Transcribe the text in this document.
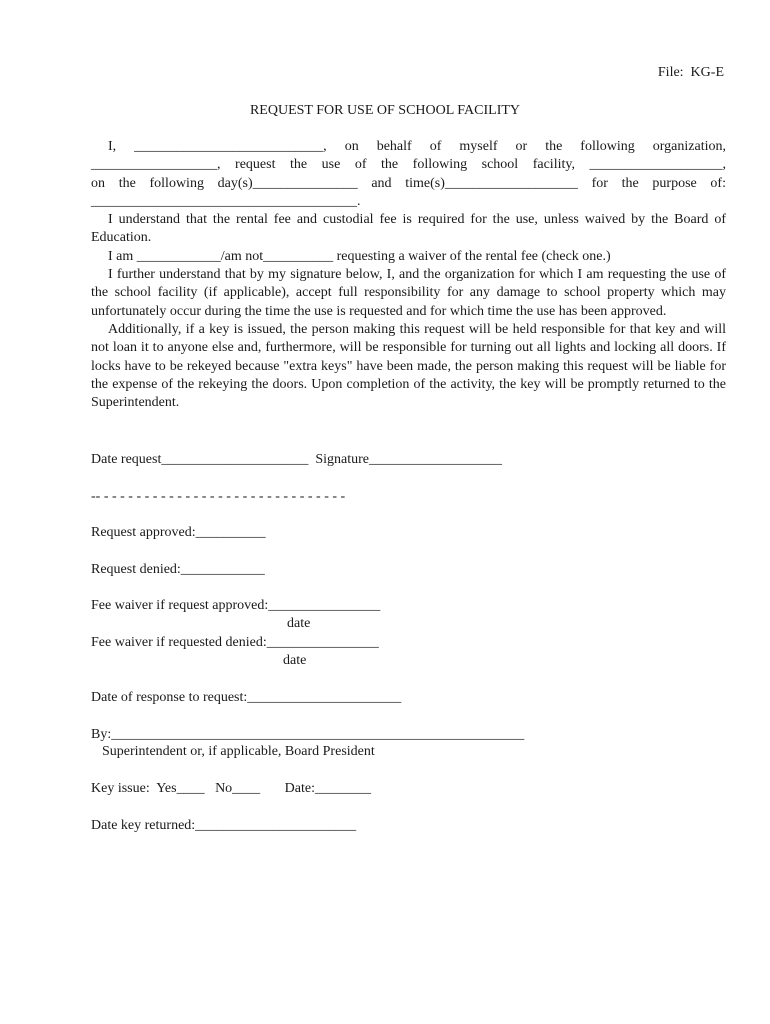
File:  KG-E
REQUEST FOR USE OF SCHOOL FACILITY

I, ___________________________, on behalf of myself or the following organization,

__________________, request the use of the following school facility, ___________________,

on the following day(s)_______________ and time(s)___________________ for the purpose of:

______________________________________.

I understand that the rental fee and custodial fee is required for the use, unless waived by the Board of Education.

I am ____________/am not__________ requesting a waiver of the rental fee (check one.)

I further understand that by my signature below, I, and the organization for which I am requesting the use of the school facility (if applicable), accept full responsibility for any damage to school property which may unfortunately occur during the time the use is requested and for which time the use has been approved.

Additionally, if a key is issued, the person making this request will be held responsible for that key and will not loan it to anyone else and, furthermore, will be responsible for turning out all lights and locking all doors. If locks have to be rekeyed because "extra keys" have been made, the person making this request will be liable for the expense of the rekeying the doors. Upon completion of the activity, the key will be promptly returned to the Superintendent.

Date request_____________________  Signature___________________
-- - - - - - - - - - - - - - - - - - - - - - - - - - - - - - -
Request approved:__________
Request denied:____________
Fee waiver if request approved:________________
date
Fee waiver if requested denied:________________
date
Date of response to request:______________________
By:___________________________________________________________
Superintendent or, if applicable, Board President
Key issue:  Yes____   No____       Date:________
Date key returned:_______________________
